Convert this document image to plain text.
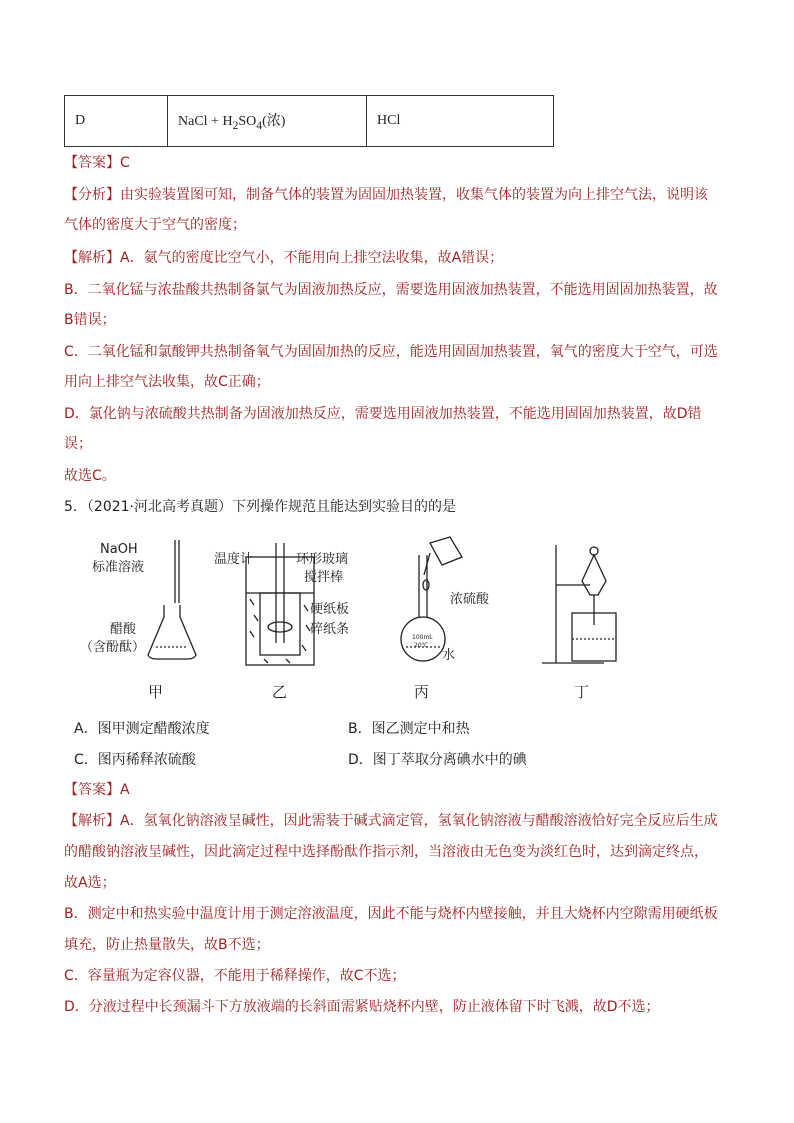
D	NaCl + $H_2SO_4$(浓)	HCl
【答案】C
【分析】由实验装置图可知，制备气体的装置为固固加热装置，收集气体的装置为向上排空气法，说明该
气体的密度大于空气的密度；
【解析】A．氨气的密度比空气小，不能用向上排空法收集，故A错误；
B．二氧化锰与浓盐酸共热制备氯气为固液加热反应，需要选用固液加热装置，不能选用固固加热装置，故
B错误；
C．二氧化锰和氯酸钾共热制备氧气为固固加热的反应，能选用固固加热装置，氧气的密度大于空气，可选
用向上排空气法收集，故C正确；
D．氯化钠与浓硫酸共热制备为固液加热反应，需要选用固液加热装置，不能选用固固加热装置，故D错
误；
故选C。
5．（2021·河北高考真题）下列操作规范且能达到实验目的的是
NaOH
标准溶液
醋酸
（含酚酞）
温度计	环形玻璃
搅拌棒
硬纸板
碎纸条
浓硫酸
水
100mL
20℃
甲	乙	丙	丁
A．图甲测定醋酸浓度	B．图乙测定中和热
C．图丙稀释浓硫酸	D．图丁萃取分离碘水中的碘
【答案】A
【解析】A．氢氧化钠溶液呈碱性，因此需装于碱式滴定管，氢氧化钠溶液与醋酸溶液恰好完全反应后生成
的醋酸钠溶液呈碱性，因此滴定过程中选择酚酞作指示剂，当溶液由无色变为淡红色时，达到滴定终点，
故A选；
B．测定中和热实验中温度计用于测定溶液温度，因此不能与烧杯内壁接触，并且大烧杯内空隙需用硬纸板
填充，防止热量散失，故B不选；
C．容量瓶为定容仪器，不能用于稀释操作，故C不选；
D．分液过程中长颈漏斗下方放液端的长斜面需紧贴烧杯内壁，防止液体留下时飞溅，故D不选；
